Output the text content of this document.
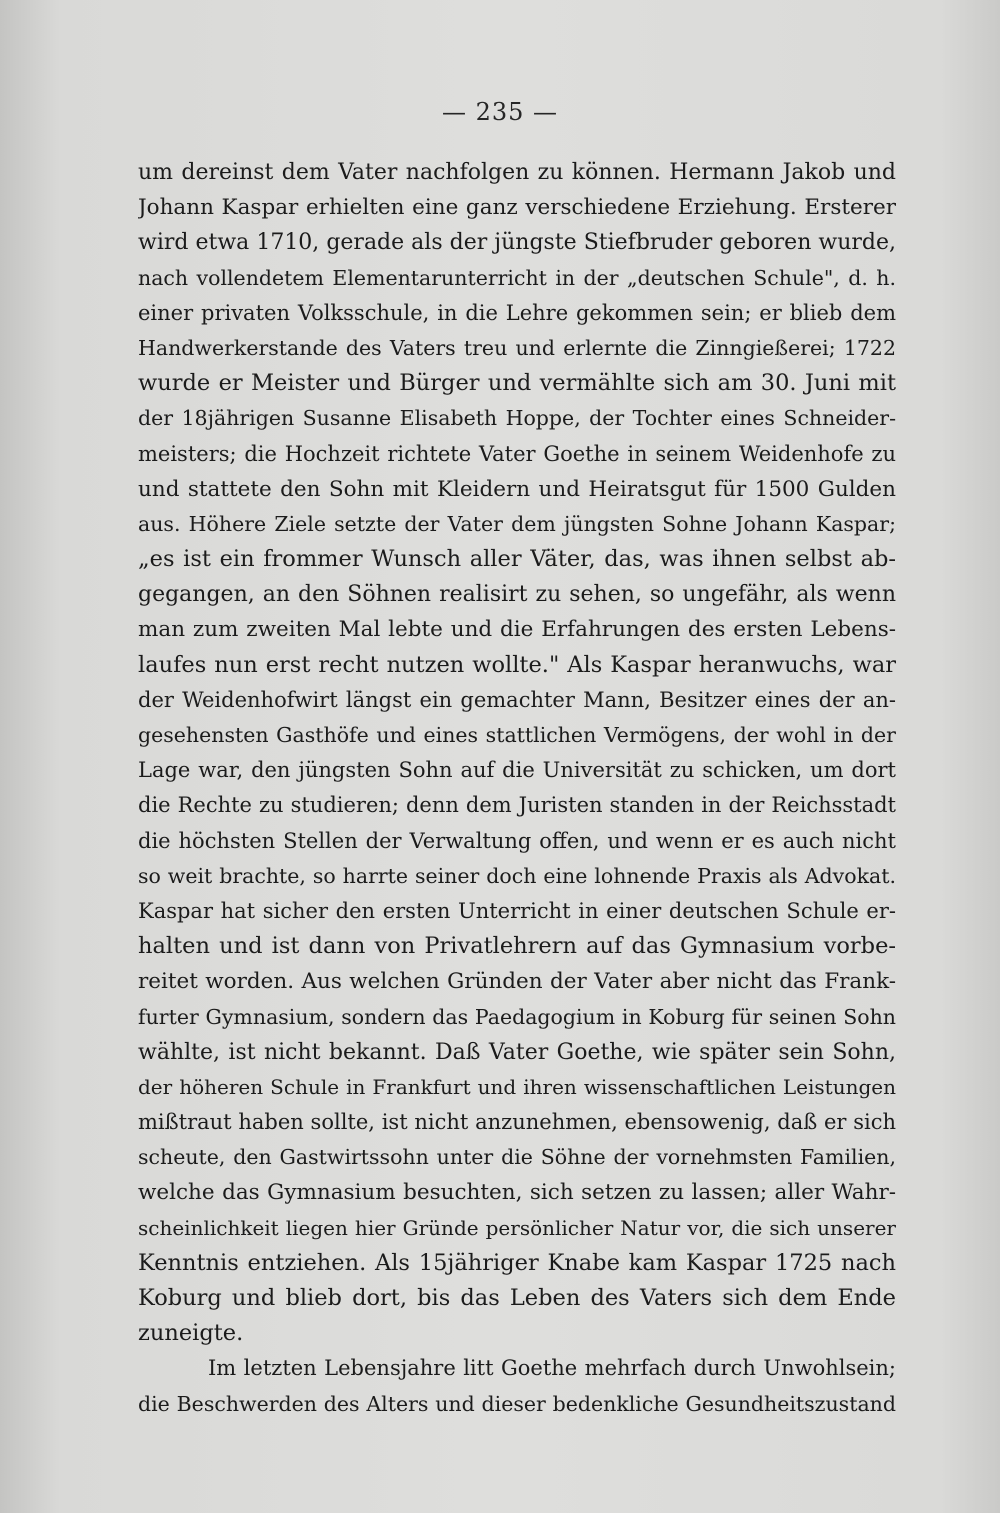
— 235 —
um dereinst dem Vater nachfolgen zu können. Hermann Jakob und
Johann Kaspar erhielten eine ganz verschiedene Erziehung. Ersterer
wird etwa 1710, gerade als der jüngste Stiefbruder geboren wurde,
nach vollendetem Elementarunterricht in der „deutschen Schule", d. h.
einer privaten Volksschule, in die Lehre gekommen sein; er blieb dem
Handwerkerstande des Vaters treu und erlernte die Zinngießerei; 1722
wurde er Meister und Bürger und vermählte sich am 30. Juni mit
der 18jährigen Susanne Elisabeth Hoppe, der Tochter eines Schneider-
meisters; die Hochzeit richtete Vater Goethe in seinem Weidenhofe zu
und stattete den Sohn mit Kleidern und Heiratsgut für 1500 Gulden
aus. Höhere Ziele setzte der Vater dem jüngsten Sohne Johann Kaspar;
„es ist ein frommer Wunsch aller Väter, das, was ihnen selbst ab-
gegangen, an den Söhnen realisirt zu sehen, so ungefähr, als wenn
man zum zweiten Mal lebte und die Erfahrungen des ersten Lebens-
laufes nun erst recht nutzen wollte." Als Kaspar heranwuchs, war
der Weidenhofwirt längst ein gemachter Mann, Besitzer eines der an-
gesehensten Gasthöfe und eines stattlichen Vermögens, der wohl in der
Lage war, den jüngsten Sohn auf die Universität zu schicken, um dort
die Rechte zu studieren; denn dem Juristen standen in der Reichsstadt
die höchsten Stellen der Verwaltung offen, und wenn er es auch nicht
so weit brachte, so harrte seiner doch eine lohnende Praxis als Advokat.
Kaspar hat sicher den ersten Unterricht in einer deutschen Schule er-
halten und ist dann von Privatlehrern auf das Gymnasium vorbe-
reitet worden. Aus welchen Gründen der Vater aber nicht das Frank-
furter Gymnasium, sondern das Paedagogium in Koburg für seinen Sohn
wählte, ist nicht bekannt. Daß Vater Goethe, wie später sein Sohn,
der höheren Schule in Frankfurt und ihren wissenschaftlichen Leistungen
mißtraut haben sollte, ist nicht anzunehmen, ebensowenig, daß er sich
scheute, den Gastwirtssohn unter die Söhne der vornehmsten Familien,
welche das Gymnasium besuchten, sich setzen zu lassen; aller Wahr-
scheinlichkeit liegen hier Gründe persönlicher Natur vor, die sich unserer
Kenntnis entziehen. Als 15jähriger Knabe kam Kaspar 1725 nach
Koburg und blieb dort, bis das Leben des Vaters sich dem Ende
zuneigte.
Im letzten Lebensjahre litt Goethe mehrfach durch Unwohlsein;
die Beschwerden des Alters und dieser bedenkliche Gesundheitszustand
